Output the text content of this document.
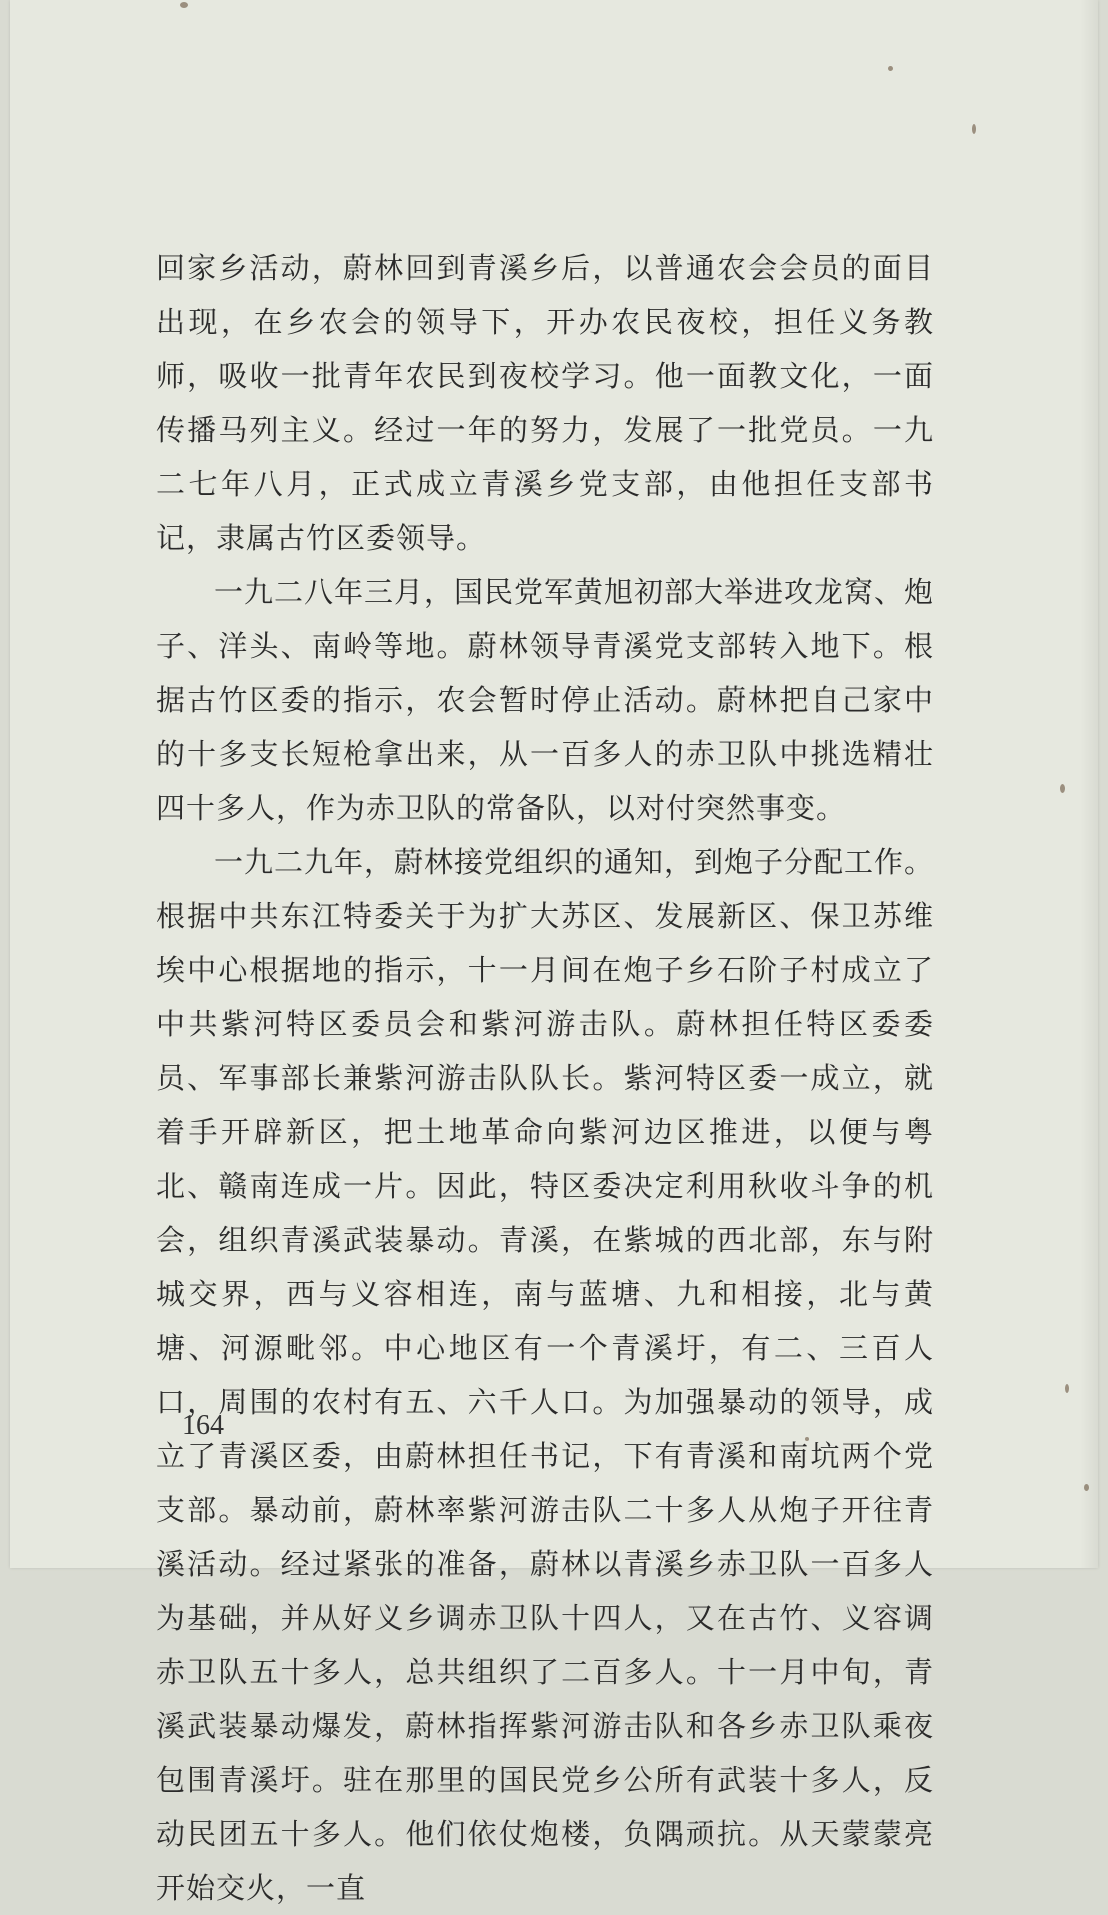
回家乡活动，蔚林回到青溪乡后，以普通农会会员的面目出现，在乡农会的领导下，开办农民夜校，担任义务教师，吸收一批青年农民到夜校学习。他一面教文化，一面传播马列主义。经过一年的努力，发展了一批党员。一九二七年八月，正式成立青溪乡党支部，由他担任支部书记，隶属古竹区委领导。

一九二八年三月，国民党军黄旭初部大举进攻龙窝、炮子、洋头、南岭等地。蔚林领导青溪党支部转入地下。根据古竹区委的指示，农会暂时停止活动。蔚林把自己家中的十多支长短枪拿出来，从一百多人的赤卫队中挑选精壮四十多人，作为赤卫队的常备队，以对付突然事变。

一九二九年，蔚林接党组织的通知，到炮子分配工作。根据中共东江特委关于为扩大苏区、发展新区、保卫苏维埃中心根据地的指示，十一月间在炮子乡石阶子村成立了中共紫河特区委员会和紫河游击队。蔚林担任特区委委员、军事部长兼紫河游击队队长。紫河特区委一成立，就着手开辟新区，把土地革命向紫河边区推进，以便与粤北、赣南连成一片。因此，特区委决定利用秋收斗争的机会，组织青溪武装暴动。青溪，在紫城的西北部，东与附城交界，西与义容相连，南与蓝塘、九和相接，北与黄塘、河源毗邻。中心地区有一个青溪圩，有二、三百人口，周围的农村有五、六千人口。为加强暴动的领导，成立了青溪区委，由蔚林担任书记，下有青溪和南坑两个党支部。暴动前，蔚林率紫河游击队二十多人从炮子开往青溪活动。经过紧张的准备，蔚林以青溪乡赤卫队一百多人为基础，并从好义乡调赤卫队十四人，又在古竹、义容调赤卫队五十多人，总共组织了二百多人。十一月中旬，青溪武装暴动爆发，蔚林指挥紫河游击队和各乡赤卫队乘夜包围青溪圩。驻在那里的国民党乡公所有武装十多人，反动民团五十多人。他们依仗炮楼，负隅顽抗。从天蒙蒙亮开始交火，一直

164
